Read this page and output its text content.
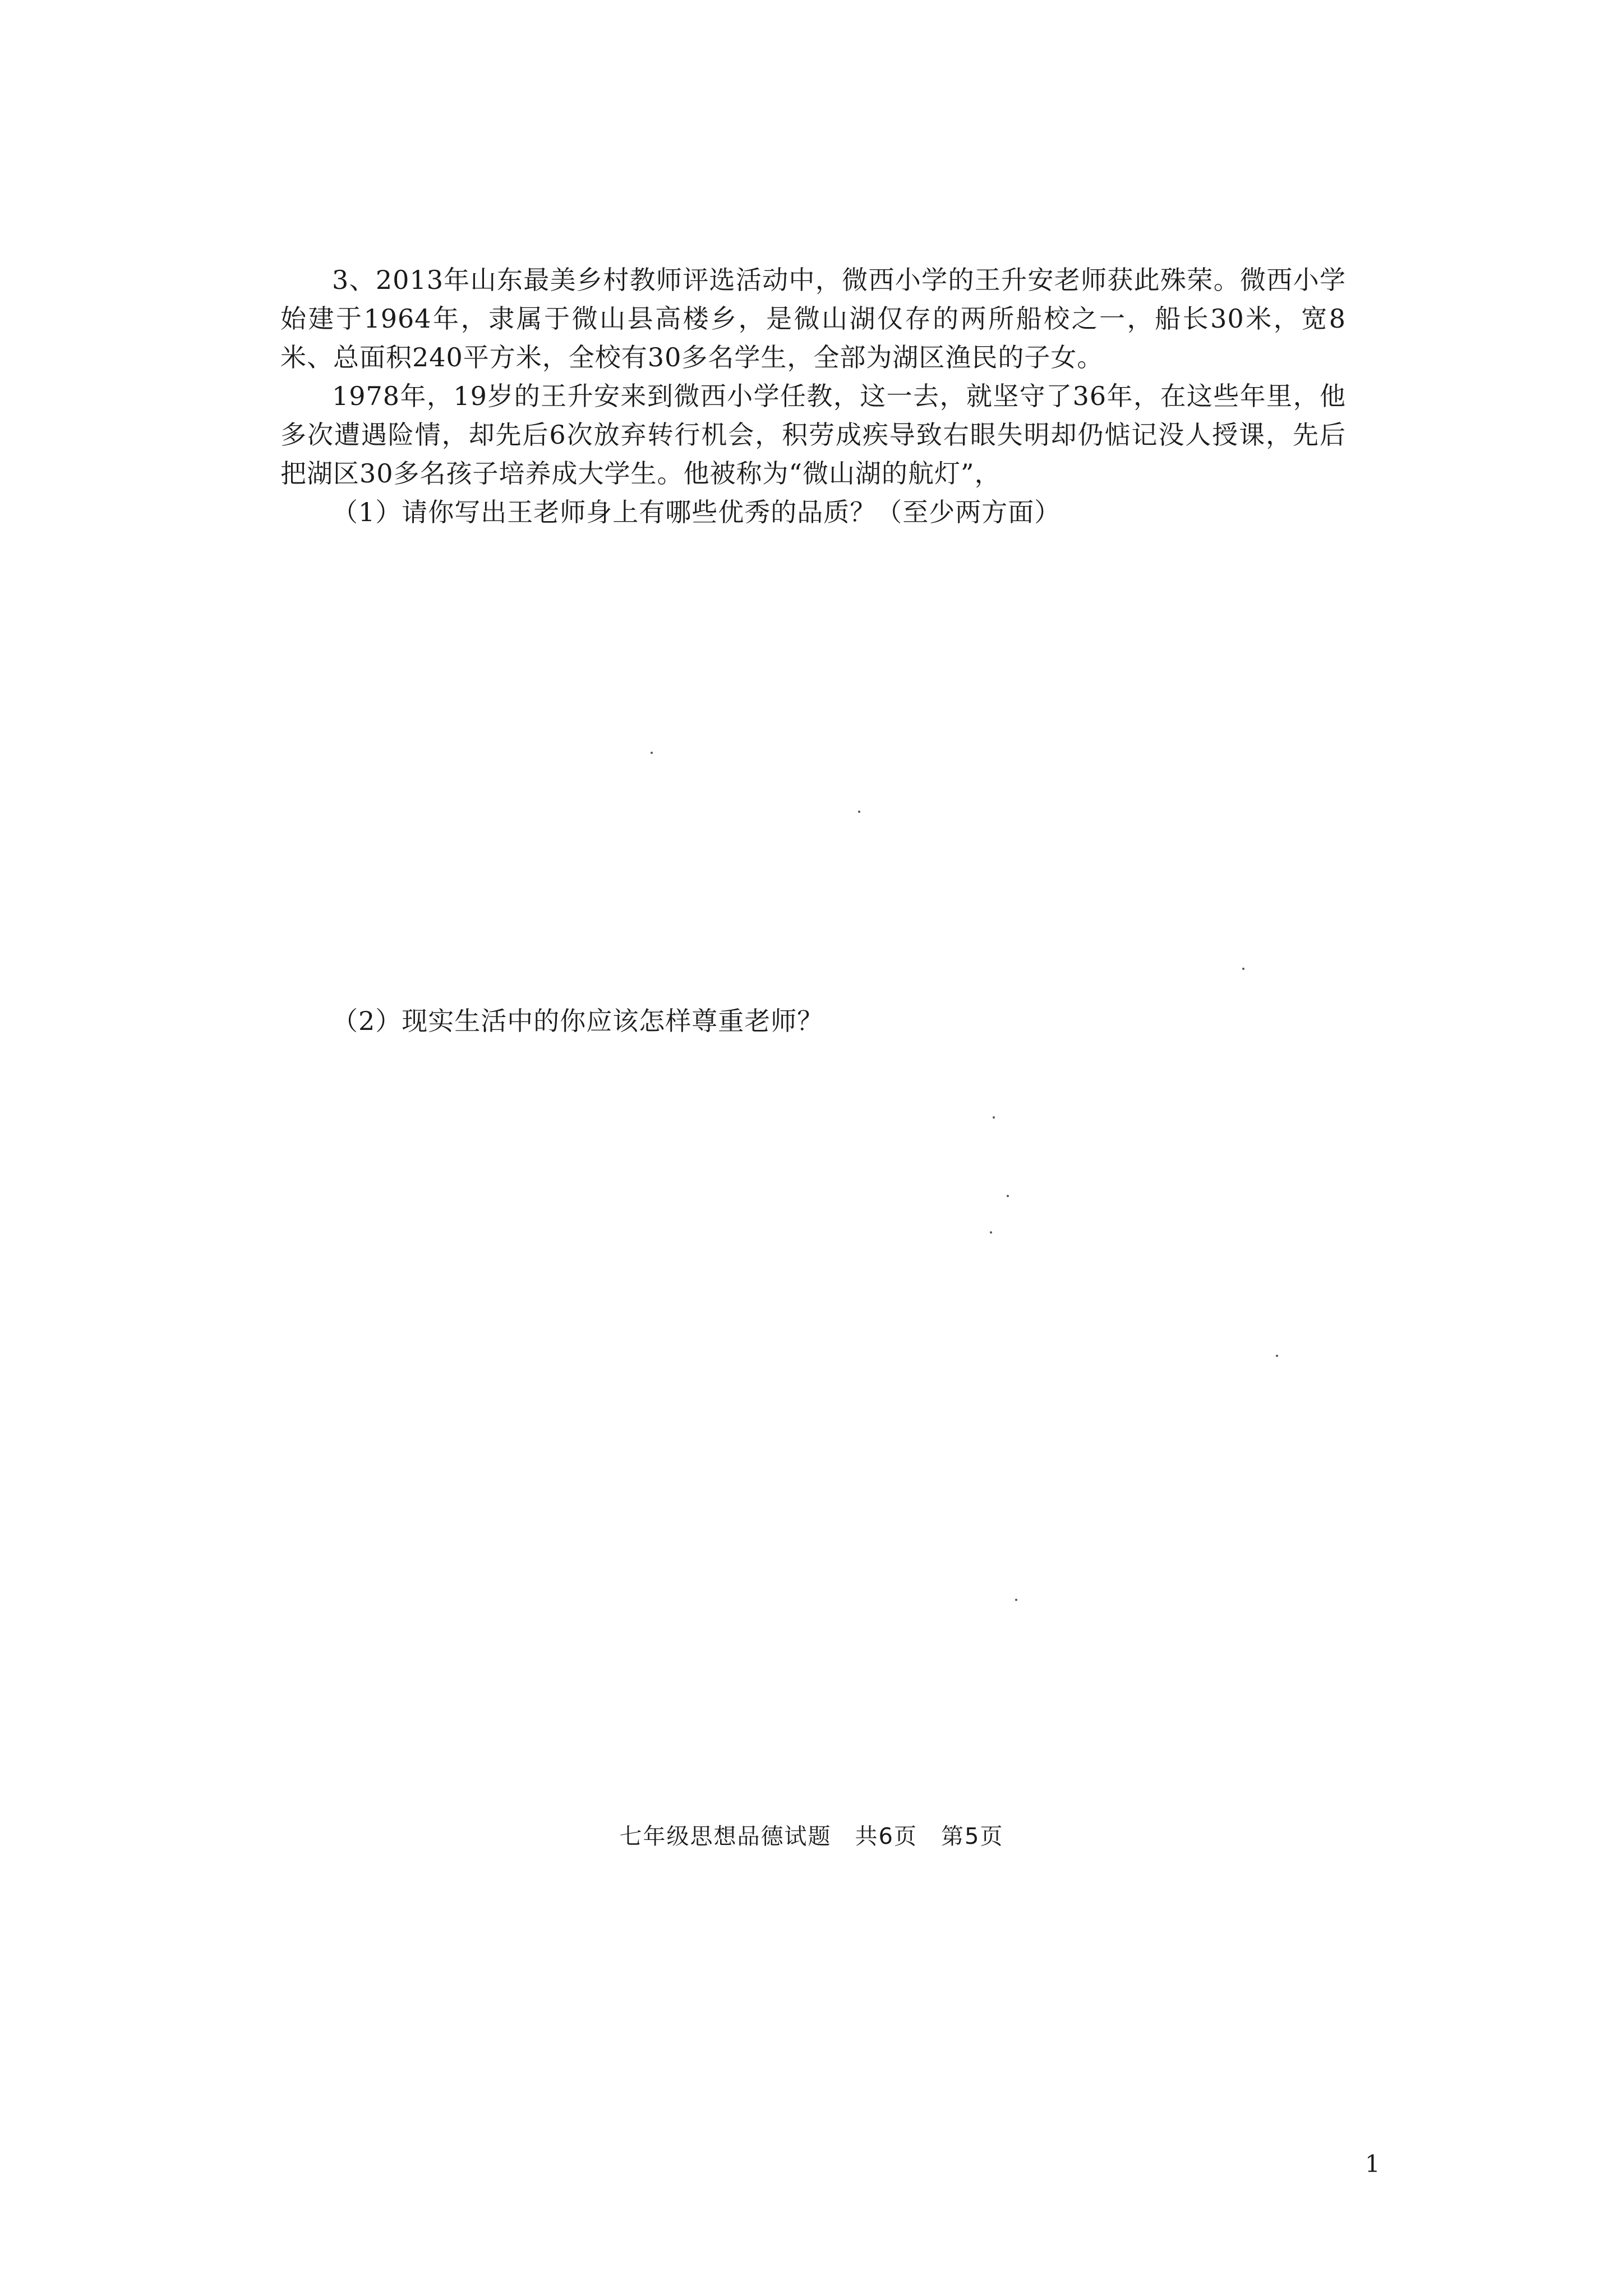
3、2013年山东最美乡村教师评选活动中，微西小学的王升安老师获此殊荣。微西小学始建于1964年，隶属于微山县高楼乡，是微山湖仅存的两所船校之一，船长30米，宽8米、总面积240平方米，全校有30多名学生，全部为湖区渔民的子女。

1978年，19岁的王升安来到微西小学任教，这一去，就坚守了36年，在这些年里，他多次遭遇险情，却先后6次放弃转行机会，积劳成疾导致右眼失明却仍惦记没人授课，先后把湖区30多名孩子培养成大学生。他被称为“微山湖的航灯”，

（1）请你写出王老师身上有哪些优秀的品质？（至少两方面）

（2）现实生活中的你应该怎样尊重老师？

七年级思想品德试题　共6页　第5页
1
